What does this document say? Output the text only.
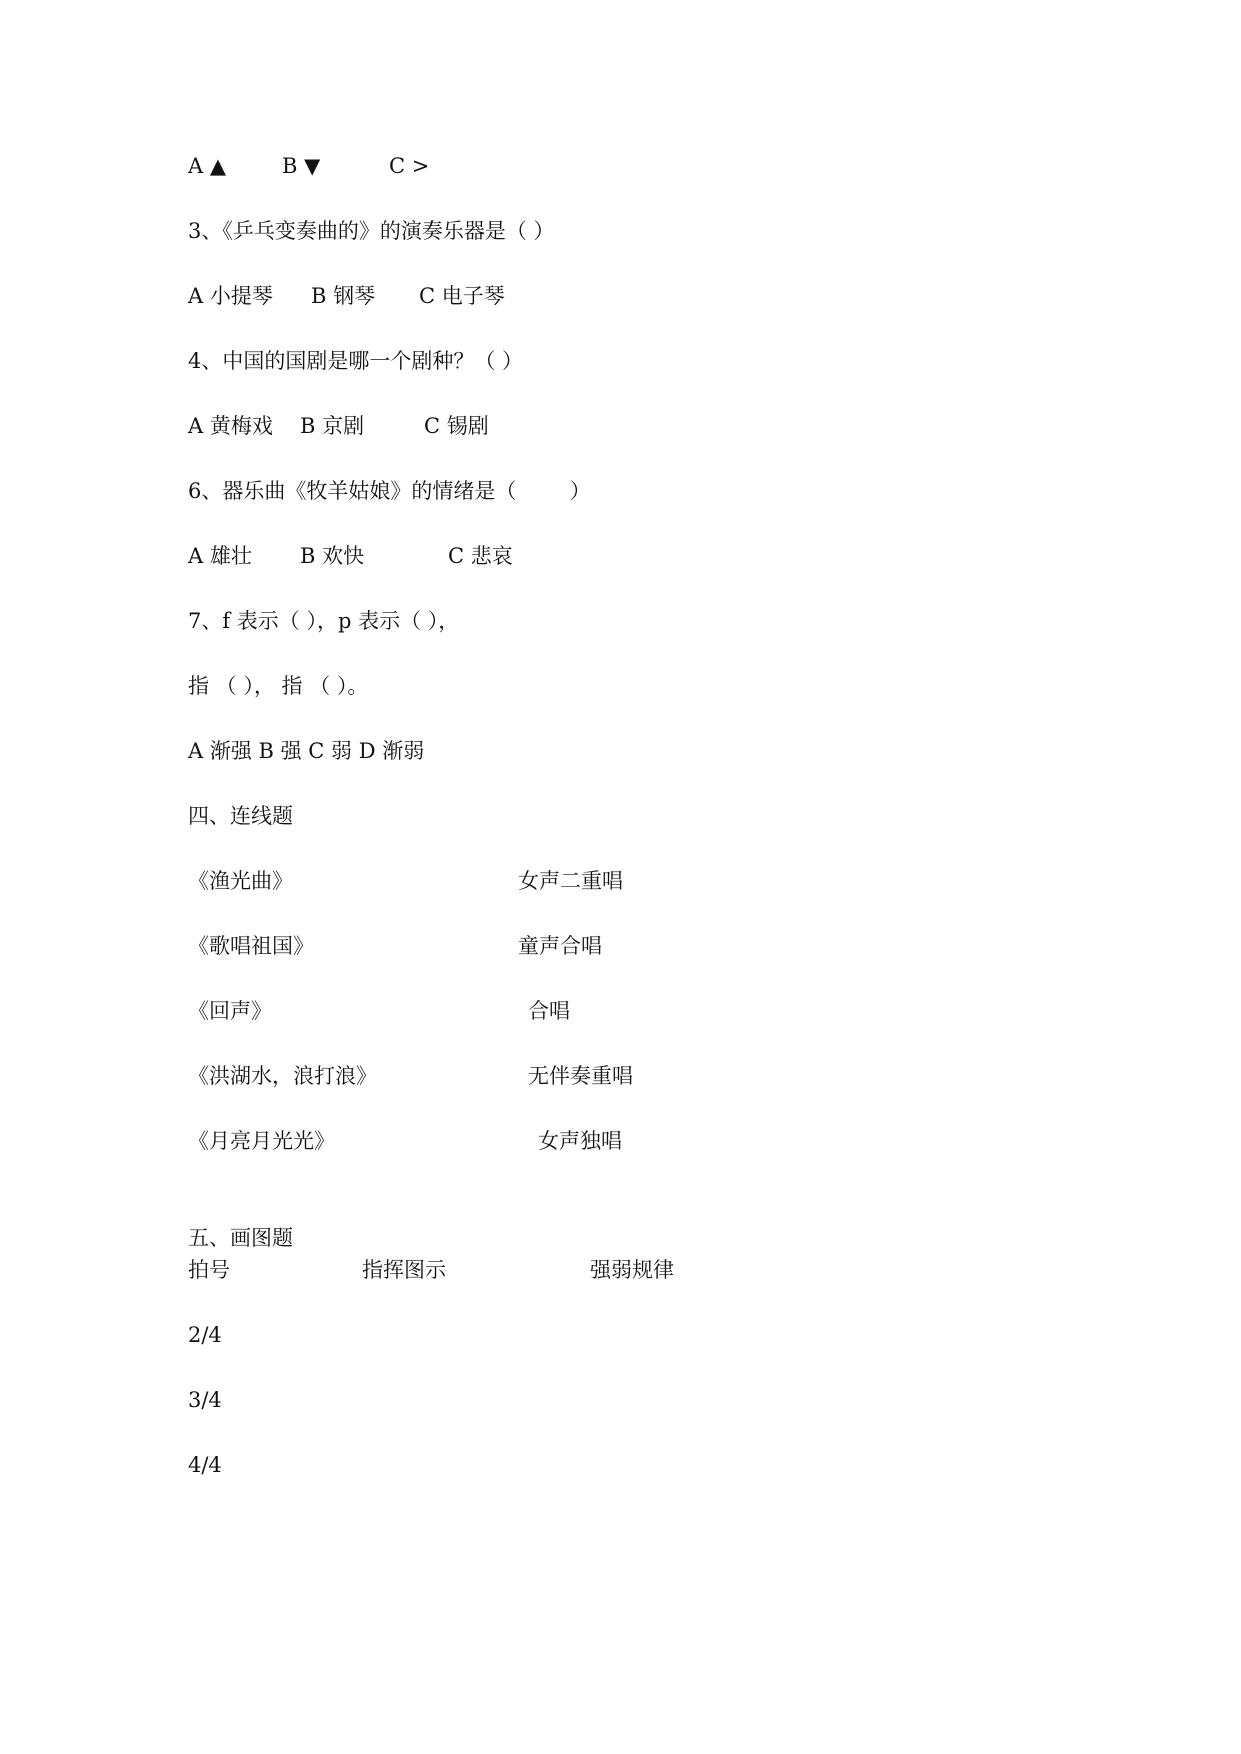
A ▲

	B ▼

	C >

3、《乒乓变奏曲的》的演奏乐器是（ ）

A 小提琴

B 钢琴

C 电子琴

4、中国的国剧是哪一个剧种？（ ）

A 黄梅戏

B 京剧

	C 锡剧

6、器乐曲《牧羊姑娘》的情绪是（        ）

A 雄壮

B 欢快

	C 悲哀

7、f 表示（ ），p 表示（ ），
指 （ ）， 指 （ ）。
A 渐强 B 强 C 弱 D 渐弱
四、连线题
《渔光曲》	女声二重唱
《歌唱祖国》	童声合唱
《回声》	合唱
《洪湖水，浪打浪》	无伴奏重唱
《月亮月光光》	女声独唱
五、画图题
拍号	指挥图示	强弱规律
2/4
3/4
4/4
